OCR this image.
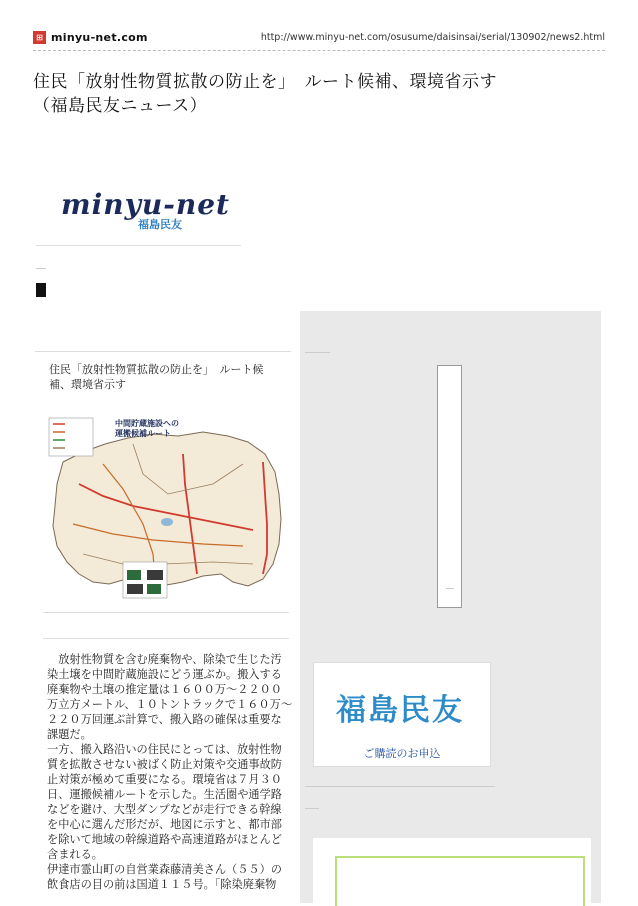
⊞ minyu-net.com	http://www.minyu-net.com/osusume/daisinsai/serial/130902/news2.html
住民「放射性物質拡散の防止を」　ルート候補、環境省示す
（福島民友ニュース）
minyu-net
福島民友
住民「放射性物質拡散の防止を」　ルート候補、環境省示す
中間貯蔵施設への
運搬候補ルート

放射性物質を含む廃棄物や、除染で生じた汚染土壌を中間貯蔵施設にどう運ぶか。搬入する廃棄物や土壌の推定量は１６００万～２２００万立方メートル、１０トントラックで１６０万～２２０万回運ぶ計算で、搬入路の確保は重要な課題だ。

一方、搬入路沿いの住民にとっては、放射性物質を拡散させない被ばく防止対策や交通事故防止対策が極めて重要になる。環境省は７月３０日、運搬候補ルートを示した。生活圏や通学路などを避け、大型ダンプなどが走行できる幹線を中心に選んだ形だが、地図に示すと、都市部を除いて地域の幹線道路や高速道路がほとんど含まれる。

伊達市霊山町の自営業森藤清美さん（５５）の飲食店の目の前は国道１１５号。「除染廃棄物

福島民友
ご購読のお申込
